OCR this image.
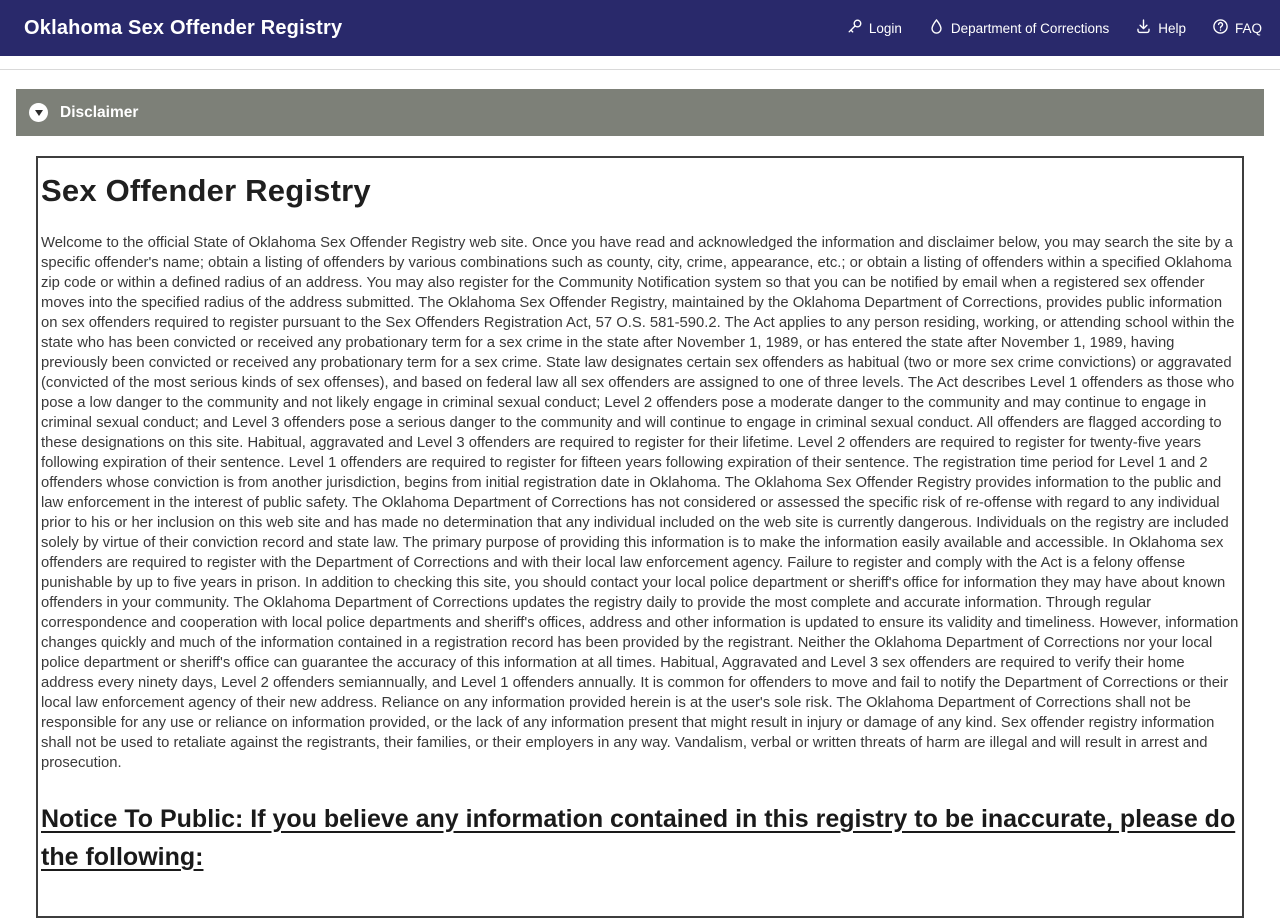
Oklahoma Sex Offender Registry	Login	Department of Corrections	Help	FAQ
Disclaimer
Sex Offender Registry

Welcome to the official State of Oklahoma Sex Offender Registry web site. Once you have read and acknowledged the information and disclaimer below, you may search the site by a specific offender's name; obtain a listing of offenders by various combinations such as county, city, crime, appearance, etc.; or obtain a listing of offenders within a specified Oklahoma zip code or within a defined radius of an address. You may also register for the Community Notification system so that you can be notified by email when a registered sex offender moves into the specified radius of the address submitted. The Oklahoma Sex Offender Registry, maintained by the Oklahoma Department of Corrections, provides public information on sex offenders required to register pursuant to the Sex Offenders Registration Act, 57 O.S. 581-590.2. The Act applies to any person residing, working, or attending school within the state who has been convicted or received any probationary term for a sex crime in the state after November 1, 1989, or has entered the state after November 1, 1989, having previously been convicted or received any probationary term for a sex crime. State law designates certain sex offenders as habitual (two or more sex crime convictions) or aggravated (convicted of the most serious kinds of sex offenses), and based on federal law all sex offenders are assigned to one of three levels. The Act describes Level 1 offenders as those who pose a low danger to the community and not likely engage in criminal sexual conduct; Level 2 offenders pose a moderate danger to the community and may continue to engage in criminal sexual conduct; and Level 3 offenders pose a serious danger to the community and will continue to engage in criminal sexual conduct. All offenders are flagged according to these designations on this site. Habitual, aggravated and Level 3 offenders are required to register for their lifetime. Level 2 offenders are required to register for twenty-five years following expiration of their sentence. Level 1 offenders are required to register for fifteen years following expiration of their sentence. The registration time period for Level 1 and 2 offenders whose conviction is from another jurisdiction, begins from initial registration date in Oklahoma. The Oklahoma Sex Offender Registry provides information to the public and law enforcement in the interest of public safety. The Oklahoma Department of Corrections has not considered or assessed the specific risk of re-offense with regard to any individual prior to his or her inclusion on this web site and has made no determination that any individual included on the web site is currently dangerous. Individuals on the registry are included solely by virtue of their conviction record and state law. The primary purpose of providing this information is to make the information easily available and accessible. In Oklahoma sex offenders are required to register with the Department of Corrections and with their local law enforcement agency. Failure to register and comply with the Act is a felony offense punishable by up to five years in prison. In addition to checking this site, you should contact your local police department or sheriff's office for information they may have about known offenders in your community. The Oklahoma Department of Corrections updates the registry daily to provide the most complete and accurate information. Through regular correspondence and cooperation with local police departments and sheriff's offices, address and other information is updated to ensure its validity and timeliness. However, information changes quickly and much of the information contained in a registration record has been provided by the registrant. Neither the Oklahoma Department of Corrections nor your local police department or sheriff's office can guarantee the accuracy of this information at all times. Habitual, Aggravated and Level 3 sex offenders are required to verify their home address every ninety days, Level 2 offenders semiannually, and Level 1 offenders annually. It is common for offenders to move and fail to notify the Department of Corrections or their local law enforcement agency of their new address. Reliance on any information provided herein is at the user's sole risk. The Oklahoma Department of Corrections shall not be responsible for any use or reliance on information provided, or the lack of any information present that might result in injury or damage of any kind. Sex offender registry information shall not be used to retaliate against the registrants, their families, or their employers in any way. Vandalism, verbal or written threats of harm are illegal and will result in arrest and prosecution.

Notice To Public: If you believe any information contained in this registry to be inaccurate, please do the following:
